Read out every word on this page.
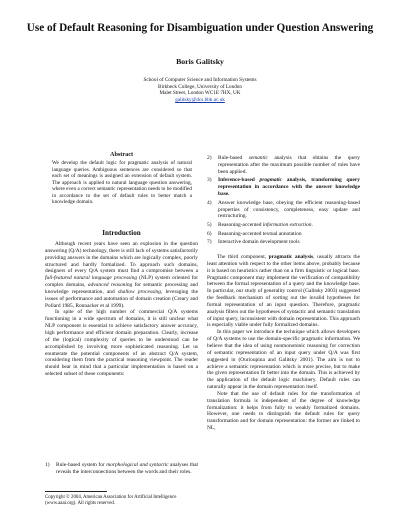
Use of Default Reasoning for Disambiguation under Question Answering
Boris Galitsky
School of Computer Science and Information Systems
Birkbeck College, University of London
Malet Street, London WC1E 7HX, UK
galitsky@dcs.bbk.ac.uk
Abstract
We develop the default logic for pragmatic analysis of natural language queries. Ambiguous sentences are considered so that each set of meanings is assigned an extension of default system. The approach is applied to natural language question answering, where even a correct semantic representation needs to be modified in accordance to the set of default rules to better match a knowledge domain.
Introduction

Although recent years have seen an explosion in the question answering (Q/A) technology, there is still lack of systems satisfactorily providing answers in the domains which are logically complex, poorly structured and hardly formalized. To approach such domains, designers of every Q/A system must find a compromise between a full-featured natural language processing (NLP) system oriented for complex domains, advanced reasoning for semantic processing and knowledge representation, and shallow processing, leveraging the issues of performance and automation of domain creation (Creary and Pollard 1985, Ronnacker et al 1999).

In spite of the high number of commercial Q/A systems functioning in a wide spectrum of domains, it is still unclear what NLP component is essential to achieve satisfactory answer accuracy, high performance and efficient domain preparation. Clearly, increase of the (logical) complexity of queries to be understood can be accomplished by involving more sophisticated reasoning. Let us enumerate the potential components of an abstract Q/A system, considering them from the practical reasoning viewpoint. The reader should bear in mind that a particular implementation is based on a selected subset of these components:

1)	Rule-based system for morphological and syntactic analyses that reveals the interconnections between the words and their roles.
2)	Rule-based semantic analysis that obtains the query representation after the maximum possible number of rules have been applied.
3)	Inference-based pragmatic analysis, transforming query representation in accordance with the answer knowledge base.
4)	Answer knowledge base, obeying the efficient reasoning-based properties of consistency, completeness, easy update and restructuring.
5)	Reasoning-accented information extraction.
6)	Reasoning-accented textual annotation
7)	Interactive domain development tools

The third component, pragmatic analysis, usually attracts the least attention with respect to the other items above, probably because it is based on heuristics rather than on a firm linguistic or logical base. Pragmatic component may implement the verification of compatibility between the formal representation of a query and the knowledge base. In particular, our study of generality control (Galitsky 2003) suggested the feedback mechanism of sorting out the invalid hypotheses for formal representation of an input question. Therefore, pragmatic analysis filters out the hypotheses of syntactic and semantic translation of input query, inconsistent with domain representation. This approach is especially viable under fully formalized domains.

In this paper we introduce the technique which allows developers of Q/A systems to use the domain-specific pragmatic information. We believe that the idea of using nonmonotonic reasoning for correction of semantic representation of an input query under Q/A was first suggested in (Ourioupina and Galitsky 2001). The aim is not to achieve a semantic representation which is more precise, but to make the given representation fit better into the domain. This is achieved by the application of the default logic machinery. Default rules can naturally appear in the domain representation itself.

Note that the use of default rules for the transformation of translation formula is independent of the degree of knowledge formalization: it helps from fully to weakly formalized domains. However, one needs to distinguish the default rules for query transformation and for domain representation: the former are linked to NL,

Copyright © 2004, American Association for Artificial Intelligence (www.aaai.org). All rights reserved.
